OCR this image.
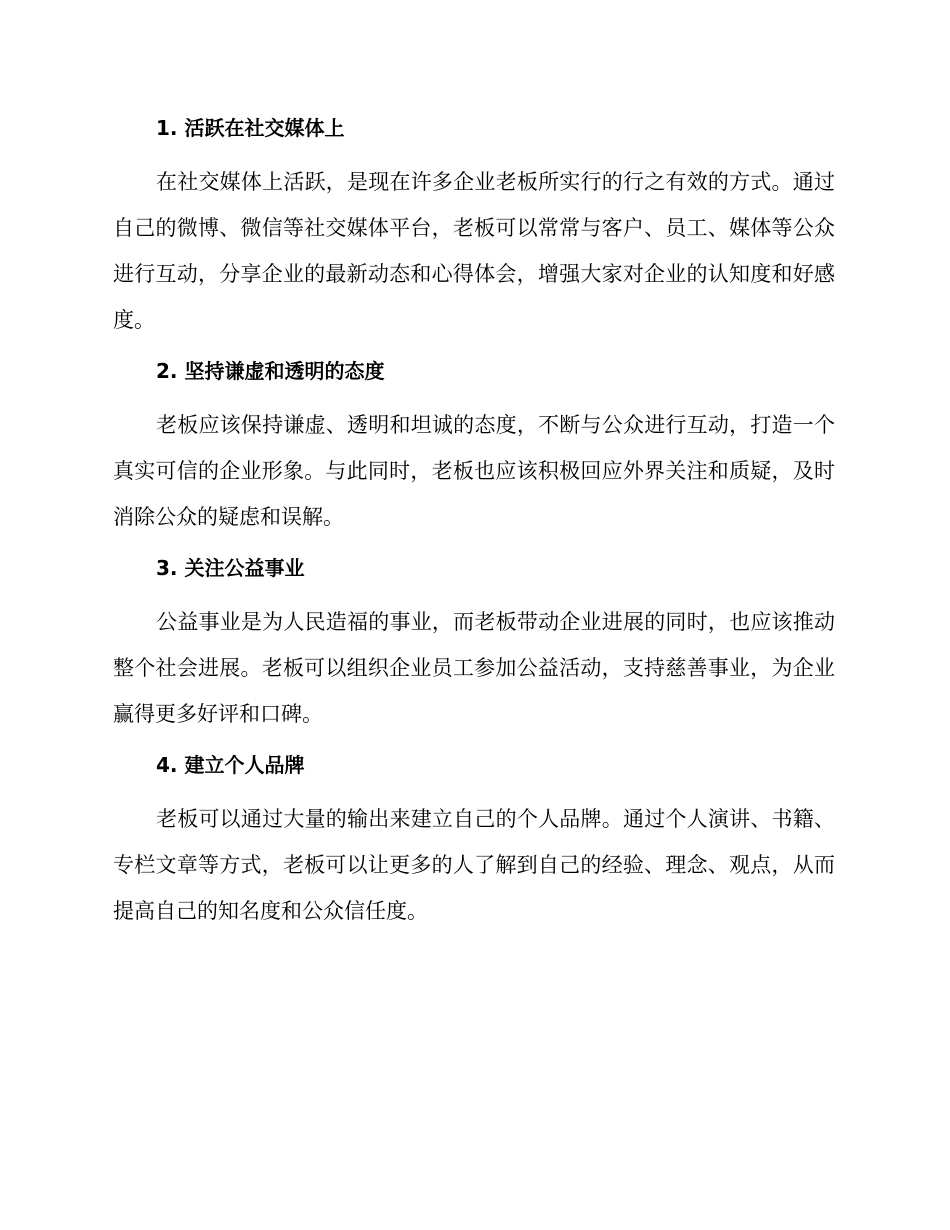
1. 活跃在社交媒体上

在社交媒体上活跃，是现在许多企业老板所实行的行之有效的方式。通过自己的微博、微信等社交媒体平台，老板可以常常与客户、员工、媒体等公众进行互动，分享企业的最新动态和心得体会，增强大家对企业的认知度和好感度。

2. 坚持谦虚和透明的态度

老板应该保持谦虚、透明和坦诚的态度，不断与公众进行互动，打造一个真实可信的企业形象。与此同时，老板也应该积极回应外界关注和质疑，及时消除公众的疑虑和误解。

3. 关注公益事业

公益事业是为人民造福的事业，而老板带动企业进展的同时，也应该推动整个社会进展。老板可以组织企业员工参加公益活动，支持慈善事业，为企业赢得更多好评和口碑。

4. 建立个人品牌

老板可以通过大量的输出来建立自己的个人品牌。通过个人演讲、书籍、专栏文章等方式，老板可以让更多的人了解到自己的经验、理念、观点，从而提高自己的知名度和公众信任度。
